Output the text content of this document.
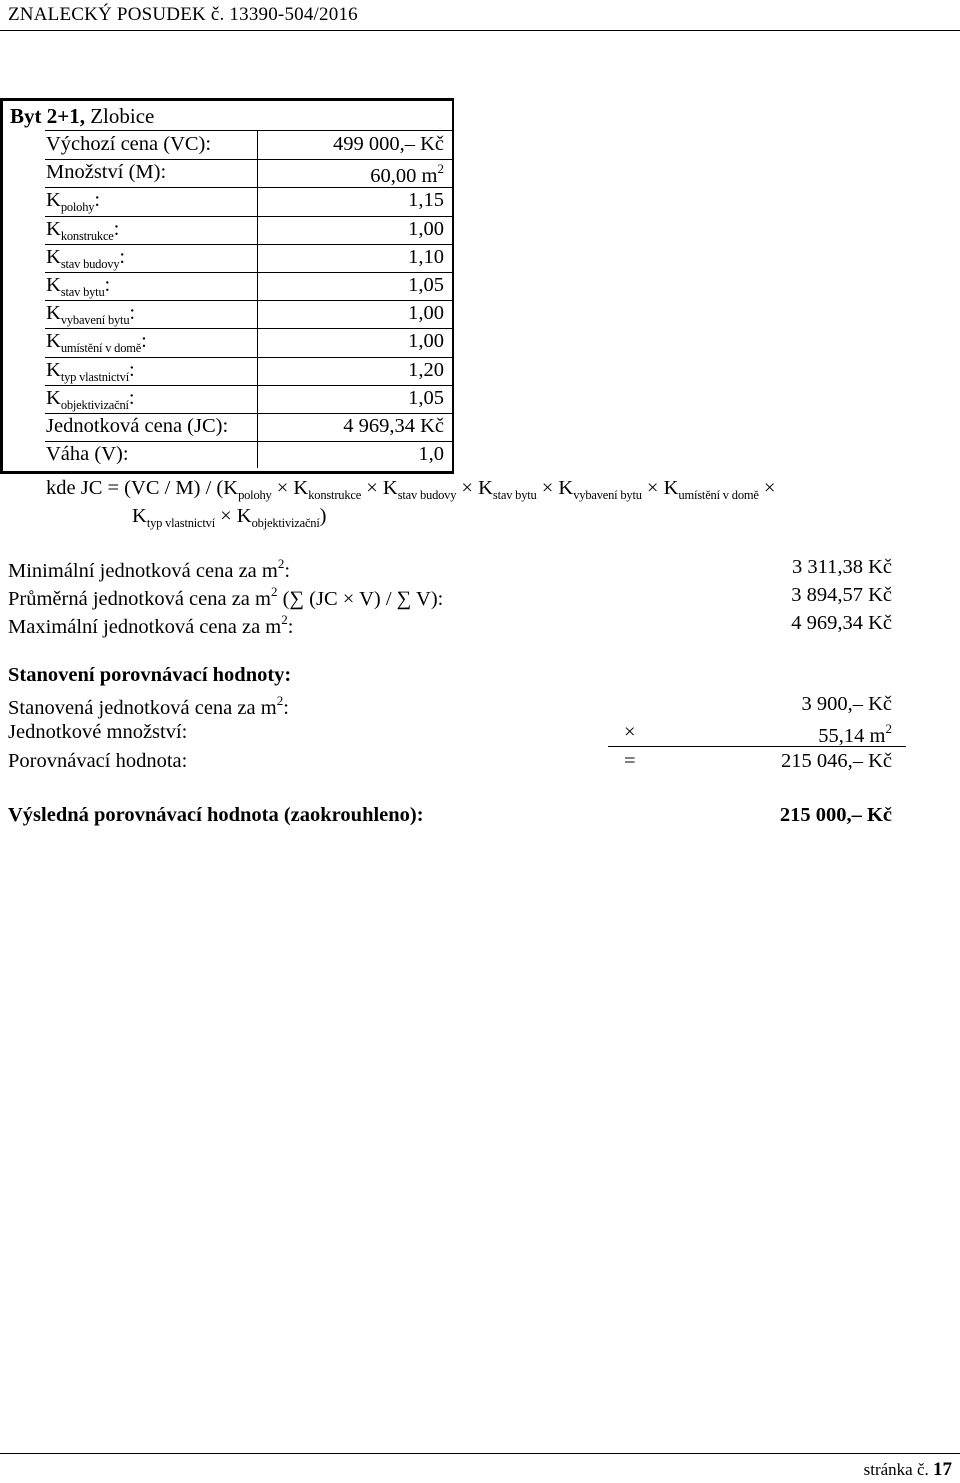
ZNALECKÝ POSUDEK č. 13390-504/2016
Byt 2+1, Zlobice
Výchozí cena (VC):	499 000,– Kč
Množství (M):	60,00 $m^2$
$K_{polohy}$:	1,15
$K_{konstrukce}$:	1,00
$K_{stav budovy}$:	1,10
$K_{stav bytu}$:	1,05
$K_{vybavení bytu}$:	1,00
$K_{umístění v domě}$:	1,00
$K_{typ vlastnictví}$:	1,20
$K_{objektivizační}$:	1,05
Jednotková cena (JC):	4 969,34 Kč
Váha (V):	1,0
kde JC = $(VC / M) / (K_{polohy} \times K_{konstrukce} \times K_{stav budovy} \times K_{stav bytu} \times K_{vybavení bytu} \times K_{umístění v domě}$ ×
$K_{typ vlastnictví} \times K_{objektivizační}$)
Minimální jednotková cena za $m^2$:	3 311,38 Kč
Průměrná jednotková cena za $m^2$ (∑ (JC × V) / ∑ V):	3 894,57 Kč
Maximální jednotková cena za $m^2$:	4 969,34 Kč
Stanovení porovnávací hodnoty:
Stanovená jednotková cena za $m^2$:	3 900,– Kč
Jednotkové množství:	×	55,14 $m^2$
Porovnávací hodnota:	=	215 046,– Kč
Výsledná porovnávací hodnota (zaokrouhleno):	215 000,– Kč
stránka č. 17
